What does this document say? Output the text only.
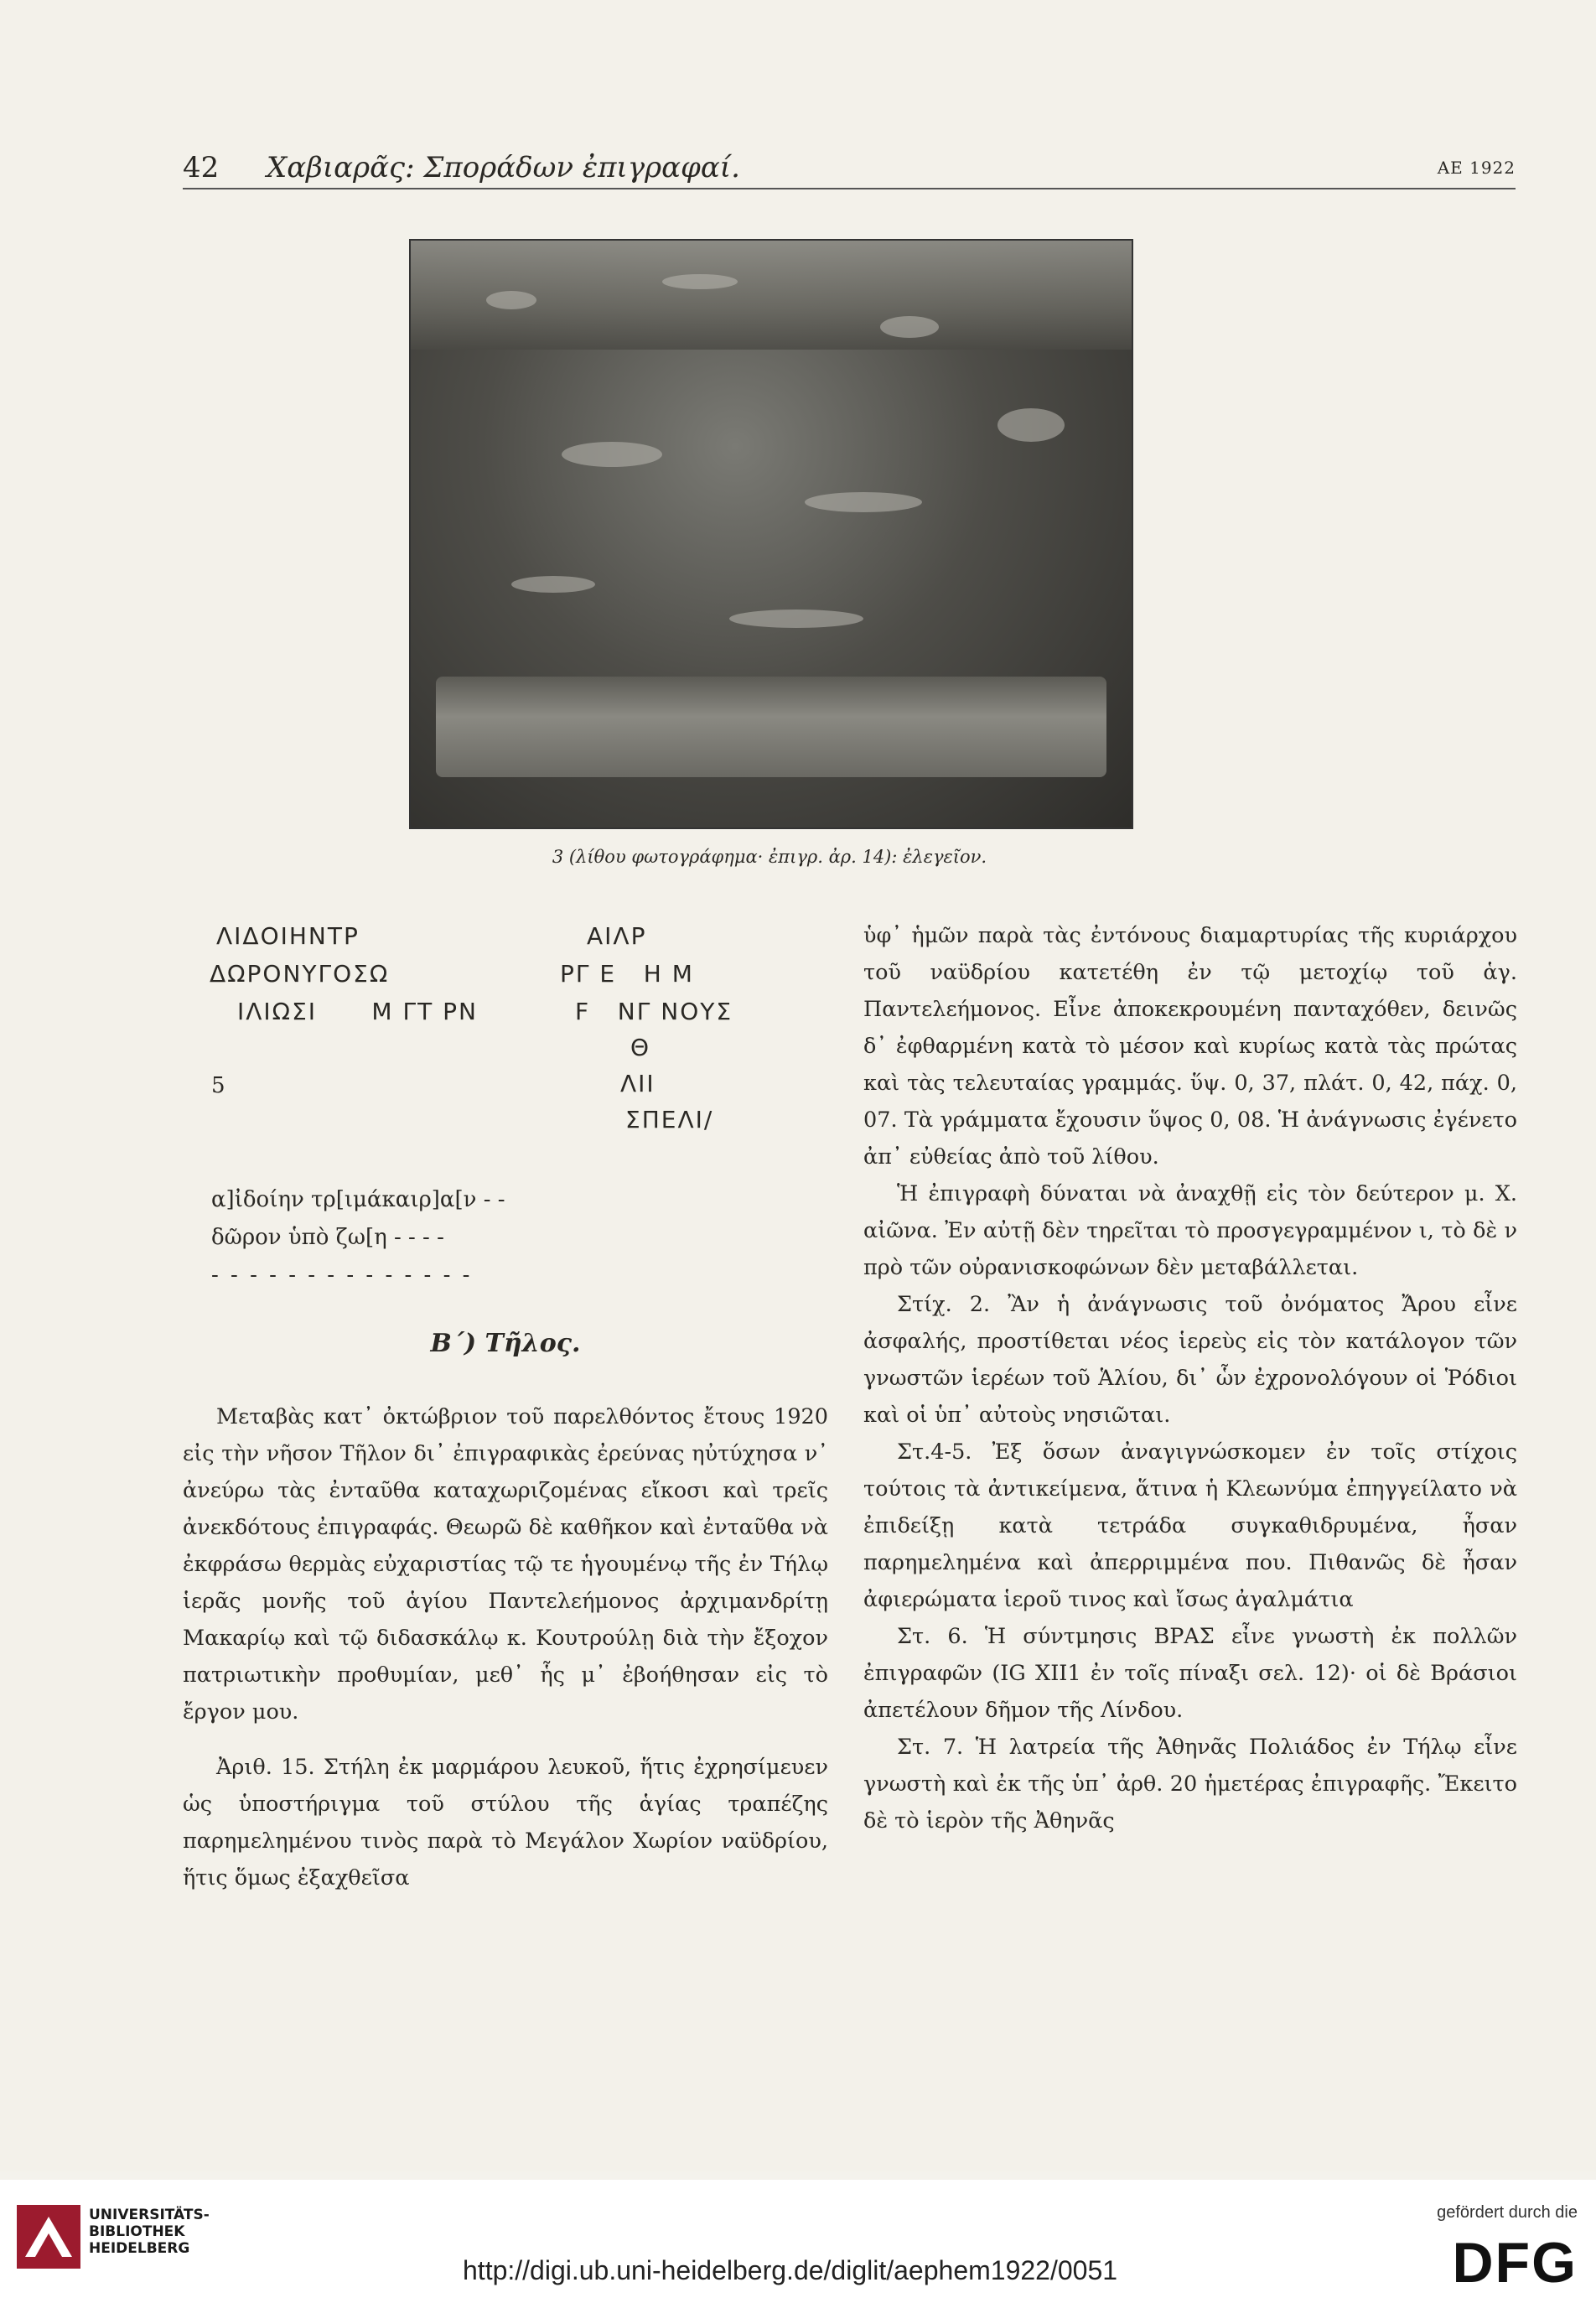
42 Χαβιαρᾶς: Σποράδων ἐπιγραφαί.	ΑΕ 1922
3 (λίθου φωτογράφημα· ἐπιγρ. ἀρ. 14): ἐλεγεῖον.
ΛΙΔΟΙΗΝΤΡ
ΔΩΡΟΝΥΓΟΣΩ
ΙΛΙΩΣΙ      Μ ΓΤ ΡΝ
5
ΑΙΛΡ
ΡΓ Ε   Η Μ
F   ΝΓ ΝΟΥΣ
Θ
ΛΙΙ
ΣΠΕΛΙ/
α]ἰδοίην τρ[ιμάκαιρ]α[ν - -
δῶρον ὑπὸ ζω[η - - - -
- - - - - - - - - - - - - -
Β΄) Τῆλος.

Μεταβὰς κατ᾿ ὀκτώβριον τοῦ παρελθόντος ἔτους 1920 εἰς τὴν νῆσον Τῆλον δι᾿ ἐπιγραφικὰς ἐρεύνας ηὐτύχησα ν᾿ ἀνεύρω τὰς ἐνταῦθα καταχωριζομένας εἴκοσι καὶ τρεῖς ἀνεκδότους ἐπιγραφάς. Θεωρῶ δὲ καθῆκον καὶ ἐνταῦθα νὰ ἐκφράσω θερμὰς εὐχαριστίας τῷ τε ἡγουμένῳ τῆς ἐν Τήλῳ ἱερᾶς μονῆς τοῦ ἁγίου Παντελεήμονος ἀρχιμανδρίτῃ Μακαρίῳ καὶ τῷ διδασκάλῳ κ. Κουτρούλῃ διὰ τὴν ἔξοχον πατριωτικὴν προθυμίαν, μεθ᾿ ἧς μ᾿ ἐβοήθησαν εἰς τὸ ἔργον μου.

Ἀριθ. 15. Στήλη ἐκ μαρμάρου λευκοῦ, ἥτις ἐχρησίμευεν ὡς ὑποστήριγμα τοῦ στύλου τῆς ἁγίας τραπέζης παρημελημένου τινὸς παρὰ τὸ Μεγάλον Χωρίον ναϋδρίου, ἥτις ὅμως ἐξαχθεῖσα

ὑφ᾿ ἡμῶν παρὰ τὰς ἐντόνους διαμαρτυρίας τῆς κυριάρχου τοῦ ναϋδρίου κατετέθη ἐν τῷ μετοχίῳ τοῦ ἁγ. Παντελεήμονος. Εἶνε ἀποκεκρουμένη πανταχόθεν, δεινῶς δ᾿ ἐφθαρμένη κατὰ τὸ μέσον καὶ κυρίως κατὰ τὰς πρώτας καὶ τὰς τελευταίας γραμμάς. ὕψ. 0, 37, πλάτ. 0, 42, πάχ. 0, 07. Τὰ γράμματα ἔχουσιν ὕψος 0, 08. Ἡ ἀνάγνωσις ἐγένετο ἀπ᾿ εὐθείας ἀπὸ τοῦ λίθου.

Ἡ ἐπιγραφὴ δύναται νὰ ἀναχθῇ εἰς τὸν δεύτερον μ. Χ. αἰῶνα. Ἐν αὐτῇ δὲν τηρεῖται τὸ προσγεγραμμένον ι, τὸ δὲ ν πρὸ τῶν οὐρανισκοφώνων δὲν μεταβάλλεται.

Στίχ. 2. Ἂν ἡ ἀνάγνωσις τοῦ ὀνόματος Ἄρου εἶνε ἀσφαλής, προστίθεται νέος ἱερεὺς εἰς τὸν κατάλογον τῶν γνωστῶν ἱερέων τοῦ Ἁλίου, δι᾿ ὧν ἐχρονολόγουν οἱ Ῥόδιοι καὶ οἱ ὑπ᾿ αὐτοὺς νησιῶται.

Στ.4-5. Ἐξ ὅσων ἀναγιγνώσκομεν ἐν τοῖς στίχοις τούτοις τὰ ἀντικείμενα, ἅτινα ἡ Κλεωνύμα ἐπηγγείλατο νὰ ἐπιδείξῃ κατὰ τετράδα συγκαθιδρυμένα, ἦσαν παρημελημένα καὶ ἀπερριμμένα που. Πιθανῶς δὲ ἦσαν ἀφιερώματα ἱεροῦ τινος καὶ ἴσως ἀγαλμάτια

Στ. 6. Ἡ σύντμησις ΒΡΑΣ εἶνε γνωστὴ ἐκ πολλῶν ἐπιγραφῶν (IG XII1 ἐν τοῖς πίναξι σελ. 12)· οἱ δὲ Βράσιοι ἀπετέλουν δῆμον τῆς Λίνδου.

Στ. 7. Ἡ λατρεία τῆς Ἀθηνᾶς Πολιάδος ἐν Τήλῳ εἶνε γνωστὴ καὶ ἐκ τῆς ὑπ᾿ ἀρθ. 20 ἡμετέρας ἐπιγραφῆς. Ἔκειτο δὲ τὸ ἱερὸν τῆς Ἀθηνᾶς

UNIVERSITÄTS-
BIBLIOTHEK
HEIDELBERG
http://digi.ub.uni-heidelberg.de/diglit/aephem1922/0051
gefördert durch die
DFG
